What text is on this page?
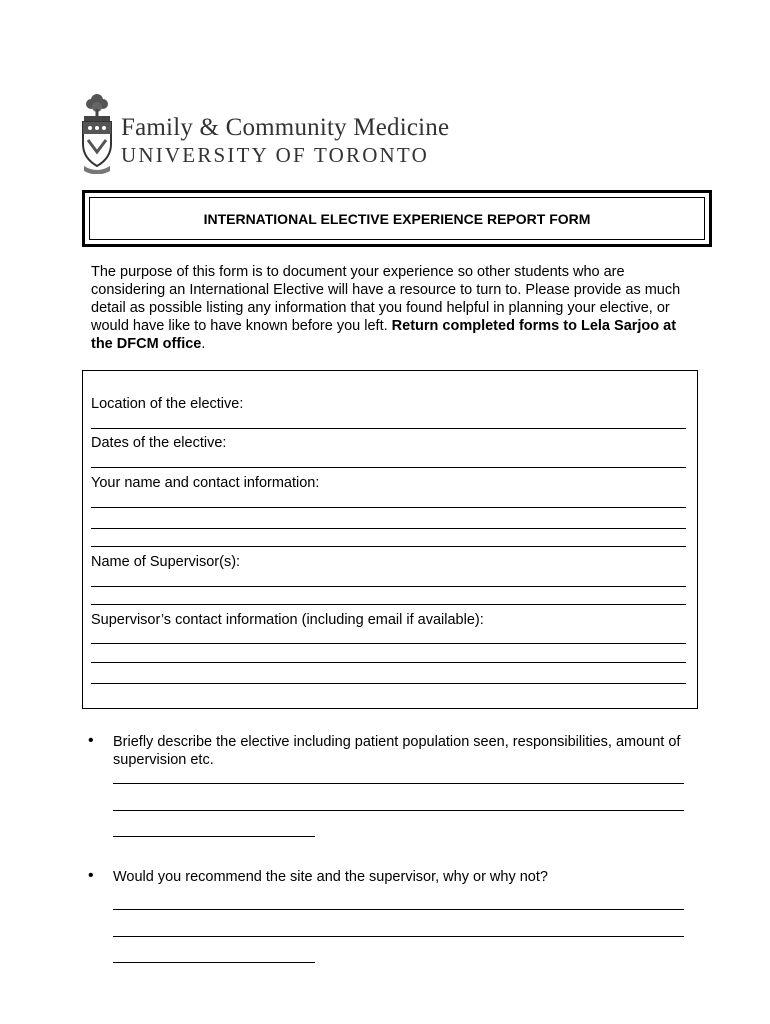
Family & Community Medicine
UNIVERSITY OF TORONTO
INTERNATIONAL ELECTIVE EXPERIENCE REPORT FORM
The purpose of this form is to document your experience so other students who are considering an International Elective will have a resource to turn to. Please provide as much detail as possible listing any information that you found helpful in planning your elective, or would have like to have known before you left. Return completed forms to Lela Sarjoo at the DFCM office.
Location of the elective:
Dates of the elective:
Your name and contact information:
Name of Supervisor(s):
Supervisor’s contact information (including email if available):
• Briefly describe the elective including patient population seen, responsibilities, amount of supervision etc.
• Would you recommend the site and the supervisor, why or why not?
